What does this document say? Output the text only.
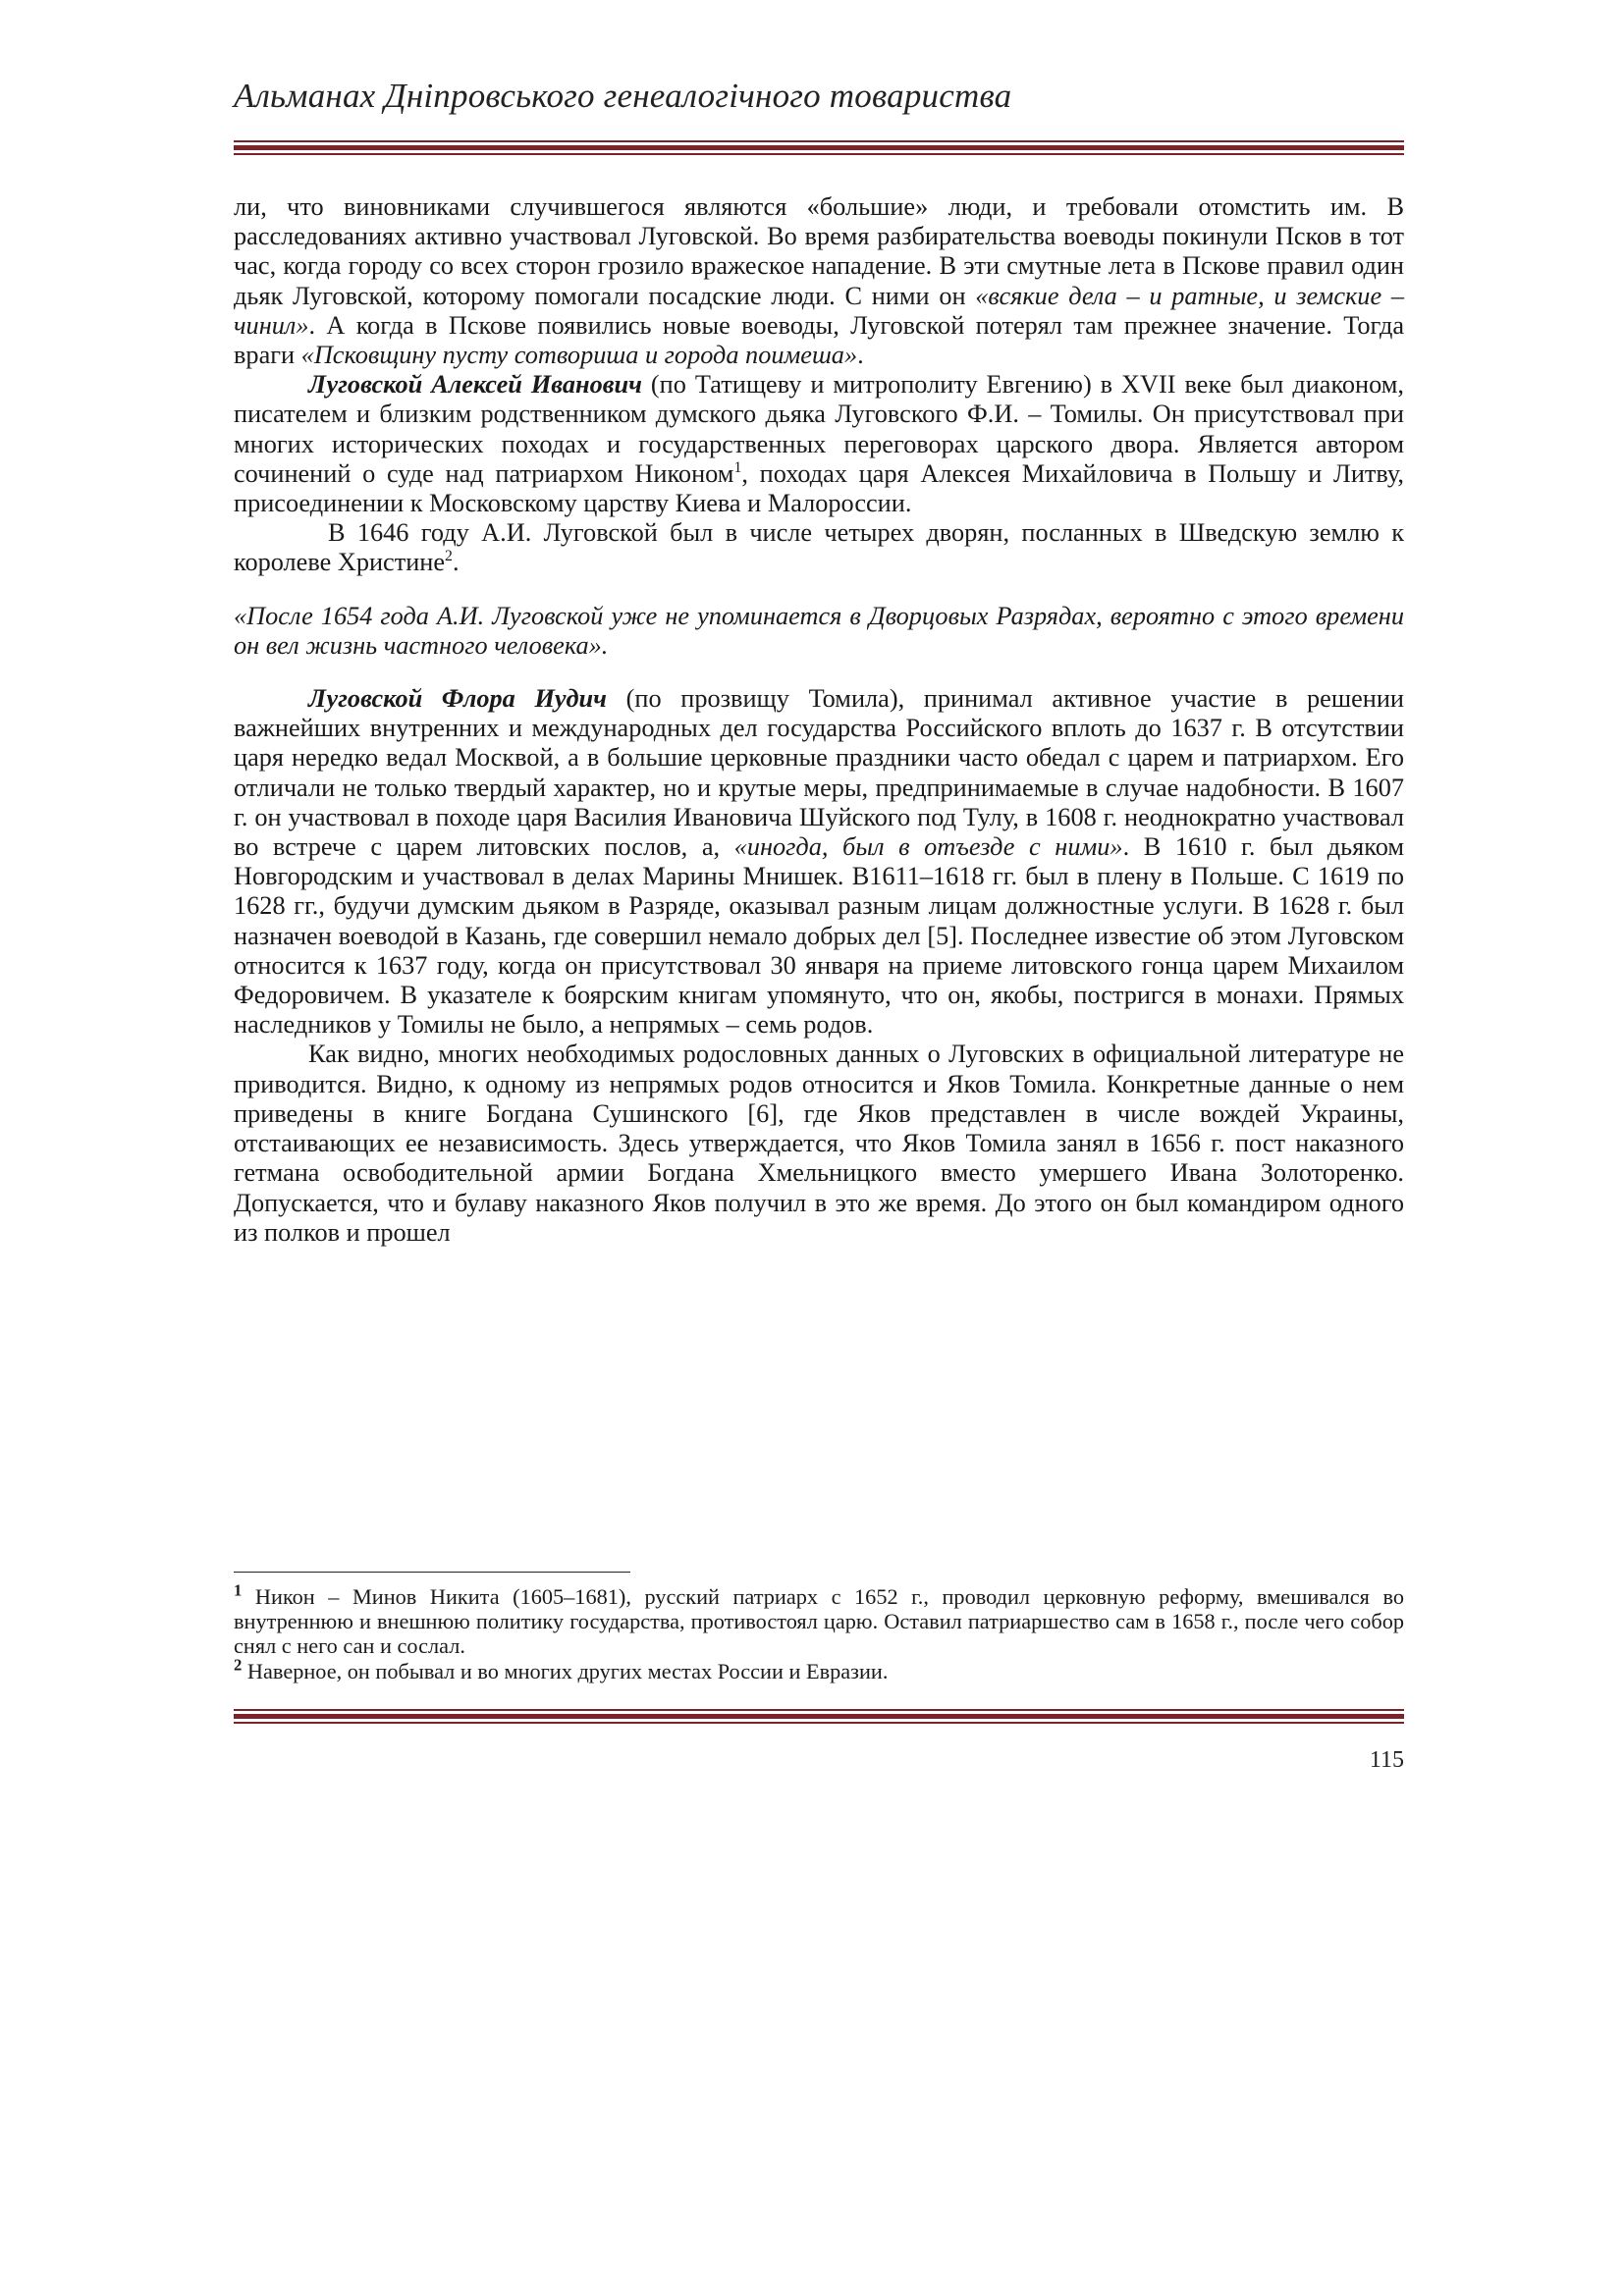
Альманах Дніпровського генеалогічного товариства

ли, что виновниками случившегося являются «большие» люди, и требовали отомстить им. В расследованиях активно участвовал Луговской. Во время разбирательства воеводы покинули Псков в тот час, когда городу со всех сторон грозило вражеское нападение. В эти смутные лета в Пскове правил один дьяк Луговской, которому помогали посадские люди. С ними он «всякие дела – и ратные, и земские – чинил». А когда в Пскове появились новые воеводы, Луговской потерял там прежнее значение. Тогда враги «Псковщину пусту сотвориша и города поимеша».

Луговской Алексей Иванович (по Татищеву и митрополиту Евгению) в XVII веке был диаконом, писателем и близким родственником думского дьяка Луговского Ф.И. – Томилы. Он присутствовал при многих исторических походах и государственных переговорах царского двора. Является автором сочинений о суде над патриархом Никоном$^1$, походах царя Алексея Михайловича в Польшу и Литву, присоединении к Московскому царству Киева и Малороссии.

В 1646 году А.И. Луговской был в числе четырех дворян, посланных в Шведскую землю к королеве Христине$^2$.

«После 1654 года А.И. Луговской уже не упоминается в Дворцовых Разрядах, вероятно с этого времени он вел жизнь частного человека».

Луговской Флора Иудич (по прозвищу Томила), принимал активное участие в решении важнейших внутренних и международных дел государства Российского вплоть до 1637 г. В отсутствии царя нередко ведал Москвой, а в большие церковные праздники часто обедал с царем и патриархом. Его отличали не только твердый характер, но и крутые меры, предпринимаемые в случае надобности. В 1607 г. он участвовал в походе царя Василия Ивановича Шуйского под Тулу, в 1608 г. неоднократно участвовал во встрече с царем литовских послов, а, «иногда, был в отъезде с ними». В 1610 г. был дьяком Новгородским и участвовал в делах Марины Мнишек. В1611–1618 гг. был в плену в Польше. С 1619 по 1628 гг., будучи думским дьяком в Разряде, оказывал разным лицам должностные услуги. В 1628 г. был назначен воеводой в Казань, где совершил немало добрых дел [5]. Последнее известие об этом Луговском относится к 1637 году, когда он присутствовал 30 января на приеме литовского гонца царем Михаилом Федоровичем. В указателе к боярским книгам упомянуто, что он, якобы, постригся в монахи. Прямых наследников у Томилы не было, а непрямых – семь родов.

Как видно, многих необходимых родословных данных о Луговских в официальной литературе не приводится. Видно, к одному из непрямых родов относится и Яков Томила. Конкретные данные о нем приведены в книге Богдана Сушинского [6], где Яков представлен в числе вождей Украины, отстаивающих ее независимость. Здесь утверждается, что Яков Томила занял в 1656 г. пост наказного гетмана освободительной армии Богдана Хмельницкого вместо умершего Ивана Золоторенко. Допускается, что и булаву наказного Яков получил в это же время. До этого он был командиром одного из полков и прошел

$^1$ Никон – Минов Никита (1605–1681), русский патриарх с 1652 г., проводил церковную реформу, вмешивался во внутреннюю и внешнюю политику государства, противостоял царю. Оставил патриаршество сам в 1658 г., после чего собор снял с него сан и сослал.

$^2$ Наверное, он побывал и во многих других местах России и Евразии.

115
